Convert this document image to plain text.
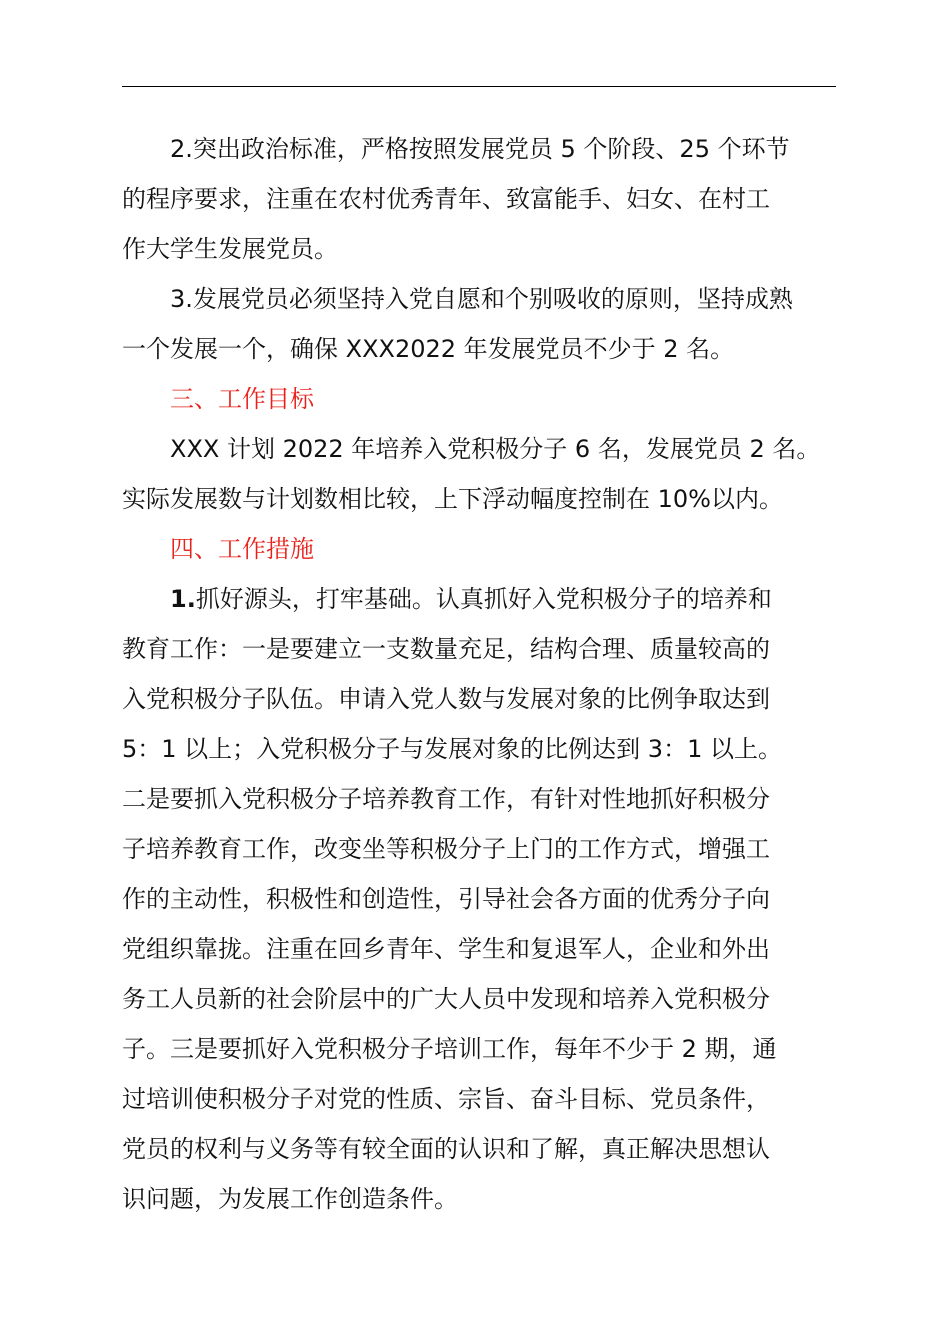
2.突出政治标准，严格按照发展党员 5 个阶段、25 个环节
的程序要求，注重在农村优秀青年、致富能手、妇女、在村工
作大学生发展党员。
3.发展党员必须坚持入党自愿和个别吸收的原则，坚持成熟
一个发展一个，确保 XXX2022 年发展党员不少于 2 名。
三、工作目标
XXX 计划 2022 年培养入党积极分子 6 名，发展党员 2 名。
实际发展数与计划数相比较，上下浮动幅度控制在 10%以内。
四、工作措施
1.抓好源头，打牢基础。认真抓好入党积极分子的培养和
教育工作：一是要建立一支数量充足，结构合理、质量较高的
入党积极分子队伍。申请入党人数与发展对象的比例争取达到
5：1 以上；入党积极分子与发展对象的比例达到 3：1 以上。
二是要抓入党积极分子培养教育工作，有针对性地抓好积极分
子培养教育工作，改变坐等积极分子上门的工作方式，增强工
作的主动性，积极性和创造性，引导社会各方面的优秀分子向
党组织靠拢。注重在回乡青年、学生和复退军人，企业和外出
务工人员新的社会阶层中的广大人员中发现和培养入党积极分
子。三是要抓好入党积极分子培训工作，每年不少于 2 期，通
过培训使积极分子对党的性质、宗旨、奋斗目标、党员条件，
党员的权利与义务等有较全面的认识和了解，真正解决思想认
识问题，为发展工作创造条件。
